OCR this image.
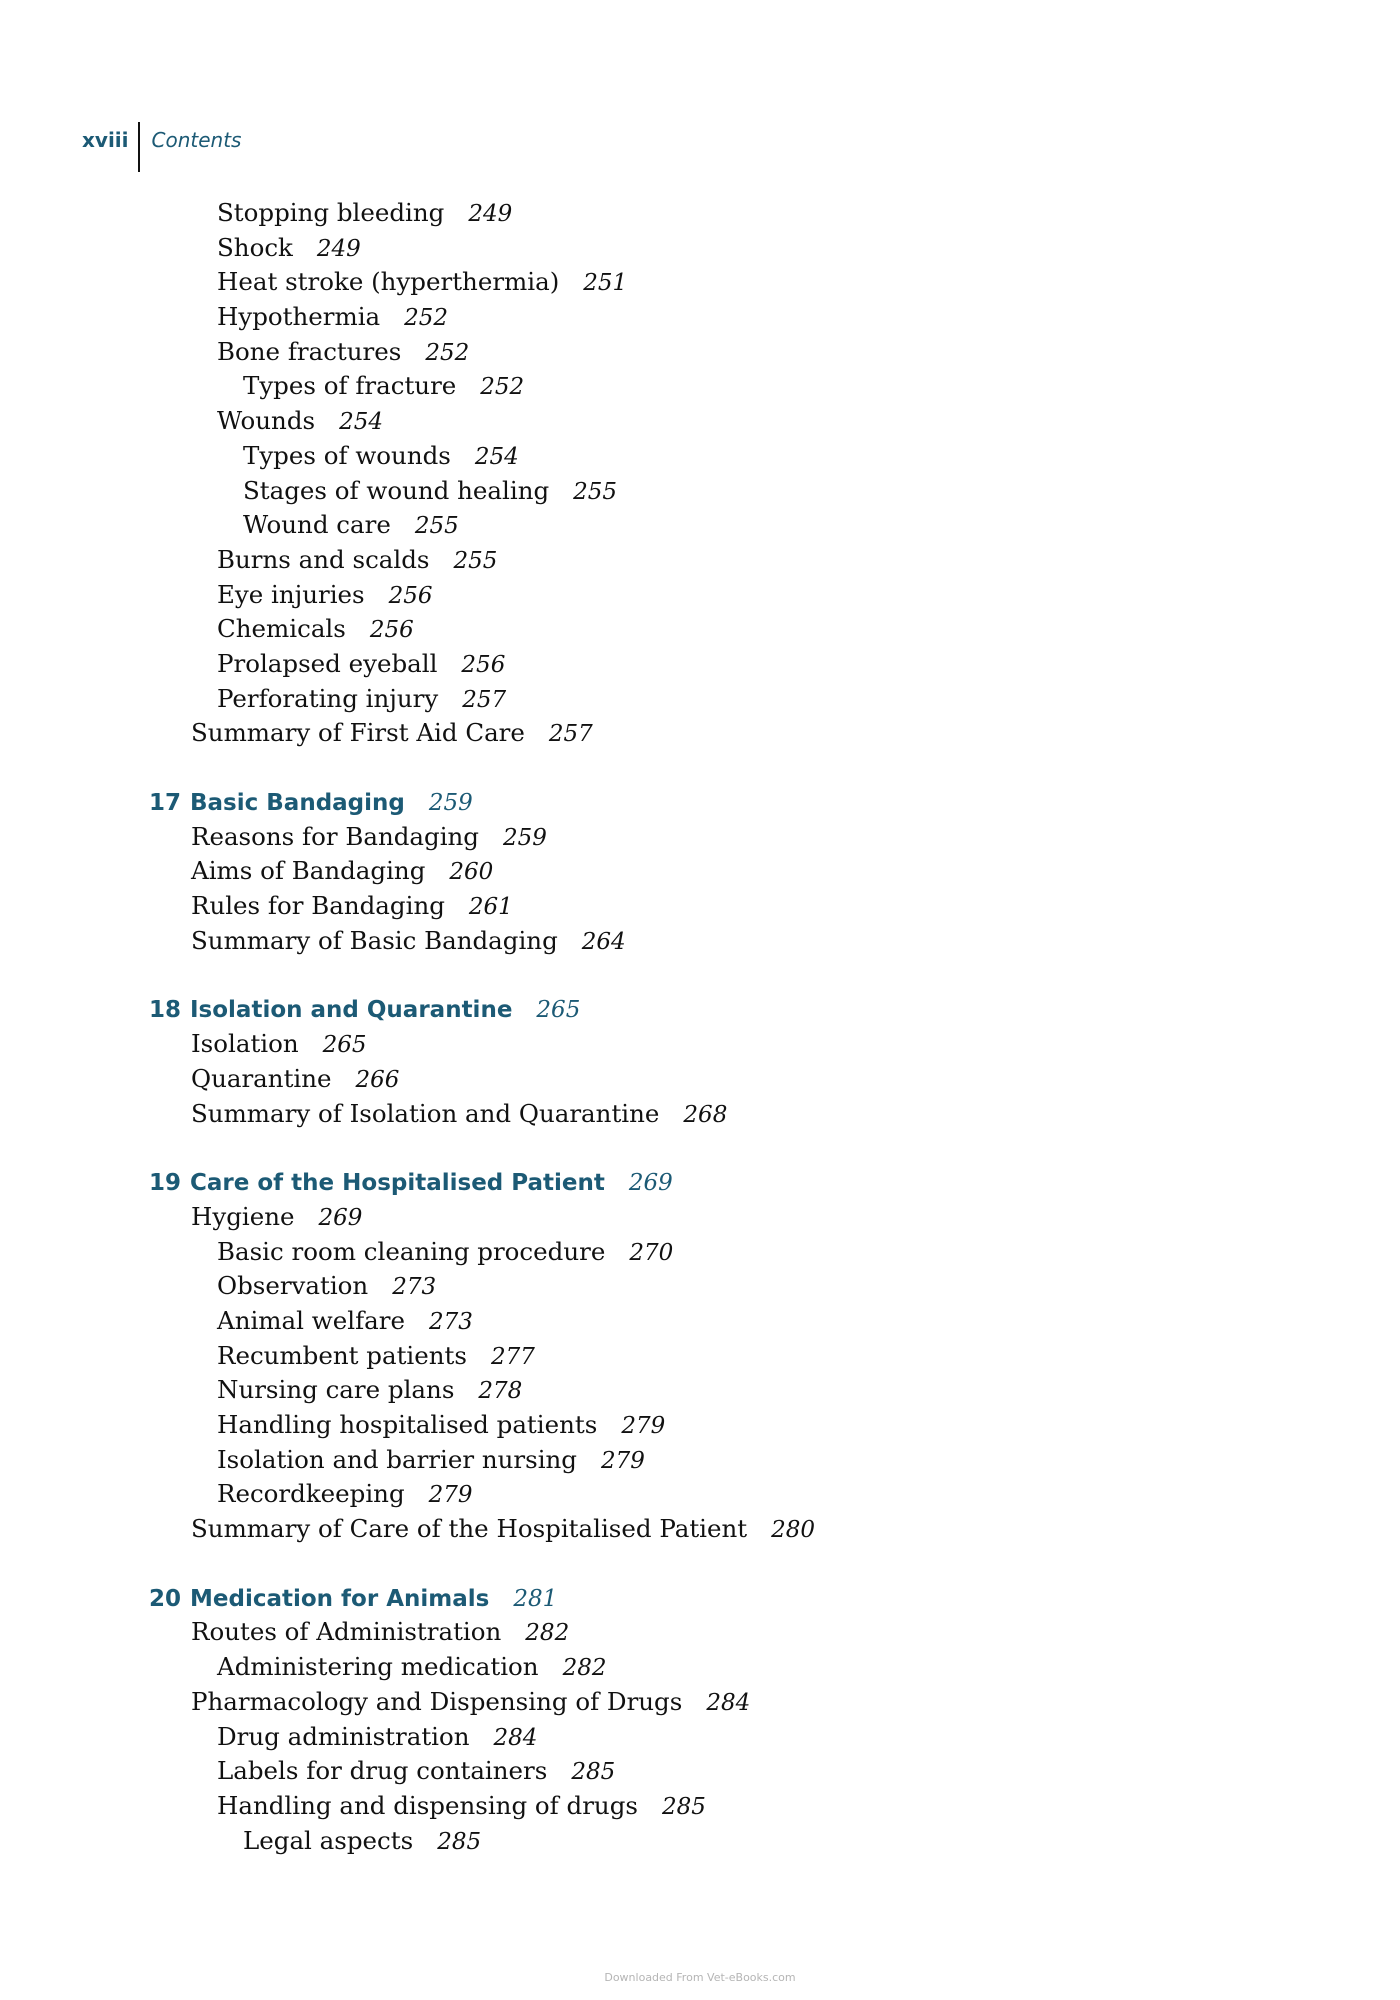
xviii	Contents
Stopping bleeding 249
Shock 249
Heat stroke (hyperthermia) 251
Hypothermia 252
Bone fractures 252
Types of fracture 252
Wounds 254
Types of wounds 254
Stages of wound healing 255
Wound care 255
Burns and scalds 255
Eye injuries 256
Chemicals 256
Prolapsed eyeball 256
Perforating injury 257
Summary of First Aid Care 257
17 Basic Bandaging 259
Reasons for Bandaging 259
Aims of Bandaging 260
Rules for Bandaging 261
Summary of Basic Bandaging 264
18 Isolation and Quarantine 265
Isolation 265
Quarantine 266
Summary of Isolation and Quarantine 268
19 Care of the Hospitalised Patient 269
Hygiene 269
Basic room cleaning procedure 270
Observation 273
Animal welfare 273
Recumbent patients 277
Nursing care plans 278
Handling hospitalised patients 279
Isolation and barrier nursing 279
Recordkeeping 279
Summary of Care of the Hospitalised Patient 280
20 Medication for Animals 281
Routes of Administration 282
Administering medication 282
Pharmacology and Dispensing of Drugs 284
Drug administration 284
Labels for drug containers 285
Handling and dispensing of drugs 285
Legal aspects 285
Downloaded From Vet-eBooks.com
